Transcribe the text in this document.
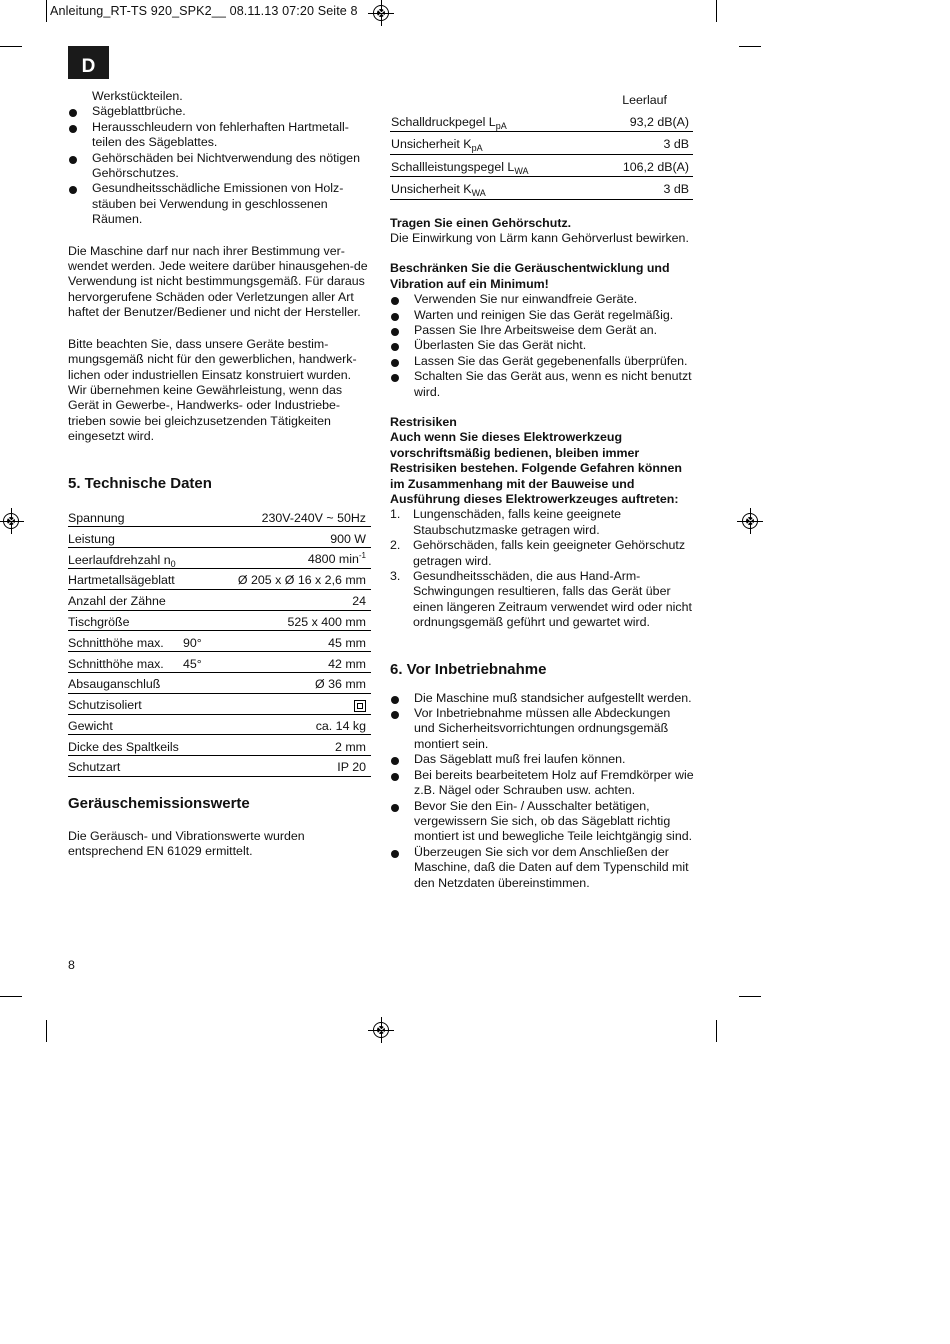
Anleitung_RT-TS 920_SPK2__ 08.11.13 07:20 Seite 8
D

Werkstückteilen.

Sägeblattbrüche.
Herausschleudern von fehlerhaften Hartmetall-teilen des Sägeblattes.
Gehörschäden bei Nichtverwendung des nötigen Gehörschutzes.
Gesundheitsschädliche Emissionen von Holz-stäuben bei Verwendung in geschlossenen Räumen.

Die Maschine darf nur nach ihrer Bestimmung ver-wendet werden. Jede weitere darüber hinausgehen-de Verwendung ist nicht bestimmungsgemäß. Für daraus hervorgerufene Schäden oder Verletzungen aller Art haftet der Benutzer/Bediener und nicht der Hersteller.

Bitte beachten Sie, dass unsere Geräte bestim-mungsgemäß nicht für den gewerblichen, handwerk-lichen oder industriellen Einsatz konstruiert wurden. Wir übernehmen keine Gewährleistung, wenn das Gerät in Gewerbe-, Handwerks- oder Industriebe-trieben sowie bei gleichzusetzenden Tätigkeiten eingesetzt wird.

5. Technische Daten
Spannung		230V-240V ~ 50Hz
Leistung		900 W
Leerlaufdrehzahl $n_0$		4800 $\min^{-1}$
Hartmetallsägeblatt		Ø 205 x Ø 16 x 2,6 mm
Anzahl der Zähne		24
Tischgröße		525 x 400 mm
Schnitthöhe max.	90°	45 mm
Schnitthöhe max.	45°	42 mm
Absauganschluß		Ø 36 mm
Schutzisoliert		
Gewicht		ca. 14 kg
Dicke des Spaltkeils		2 mm
Schutzart		IP 20
Geräuschemissionswerte

Die Geräusch- und Vibrationswerte wurden entsprechend EN 61029 ermittelt.

8
	Leerlauf
Schalldruckpegel $L_{pA}$	93,2 dB(A)
Unsicherheit $K_{pA}$	3 dB
Schallleistungspegel $L_{WA}$	106,2 dB(A)
Unsicherheit $K_{WA}$	3 dB

Tragen Sie einen Gehörschutz.

Die Einwirkung von Lärm kann Gehörverlust bewirken.

Beschränken Sie die Geräuschentwicklung und Vibration auf ein Minimum!

Verwenden Sie nur einwandfreie Geräte.
Warten und reinigen Sie das Gerät regelmäßig.
Passen Sie Ihre Arbeitsweise dem Gerät an.
Überlasten Sie das Gerät nicht.
Lassen Sie das Gerät gegebenenfalls überprüfen.
Schalten Sie das Gerät aus, wenn es nicht benutzt wird.

Restrisiken

Auch wenn Sie dieses Elektrowerkzeug vorschriftsmäßig bedienen, bleiben immer Restrisiken bestehen. Folgende Gefahren können im Zusammenhang mit der Bauweise und Ausführung dieses Elektrowerkzeuges auftreten:

1. Lungenschäden, falls keine geeignete Staubschutzmaske getragen wird.
2. Gehörschäden, falls kein geeigneter Gehörschutz getragen wird.
3. Gesundheitsschäden, die aus Hand-Arm-Schwingungen resultieren, falls das Gerät über einen längeren Zeitraum verwendet wird oder nicht ordnungsgemäß geführt und gewartet wird.
6. Vor Inbetriebnahme
Die Maschine muß standsicher aufgestellt werden.
Vor Inbetriebnahme müssen alle Abdeckungen und Sicherheitsvorrichtungen ordnungsgemäß montiert sein.
Das Sägeblatt muß frei laufen können.
Bei bereits bearbeitetem Holz auf Fremdkörper wie z.B. Nägel oder Schrauben usw. achten.
Bevor Sie den Ein- / Ausschalter betätigen, vergewissern Sie sich, ob das Sägeblatt richtig montiert ist und bewegliche Teile leichtgängig sind.
Überzeugen Sie sich vor dem Anschließen der Maschine, daß die Daten auf dem Typenschild mit den Netzdaten übereinstimmen.
